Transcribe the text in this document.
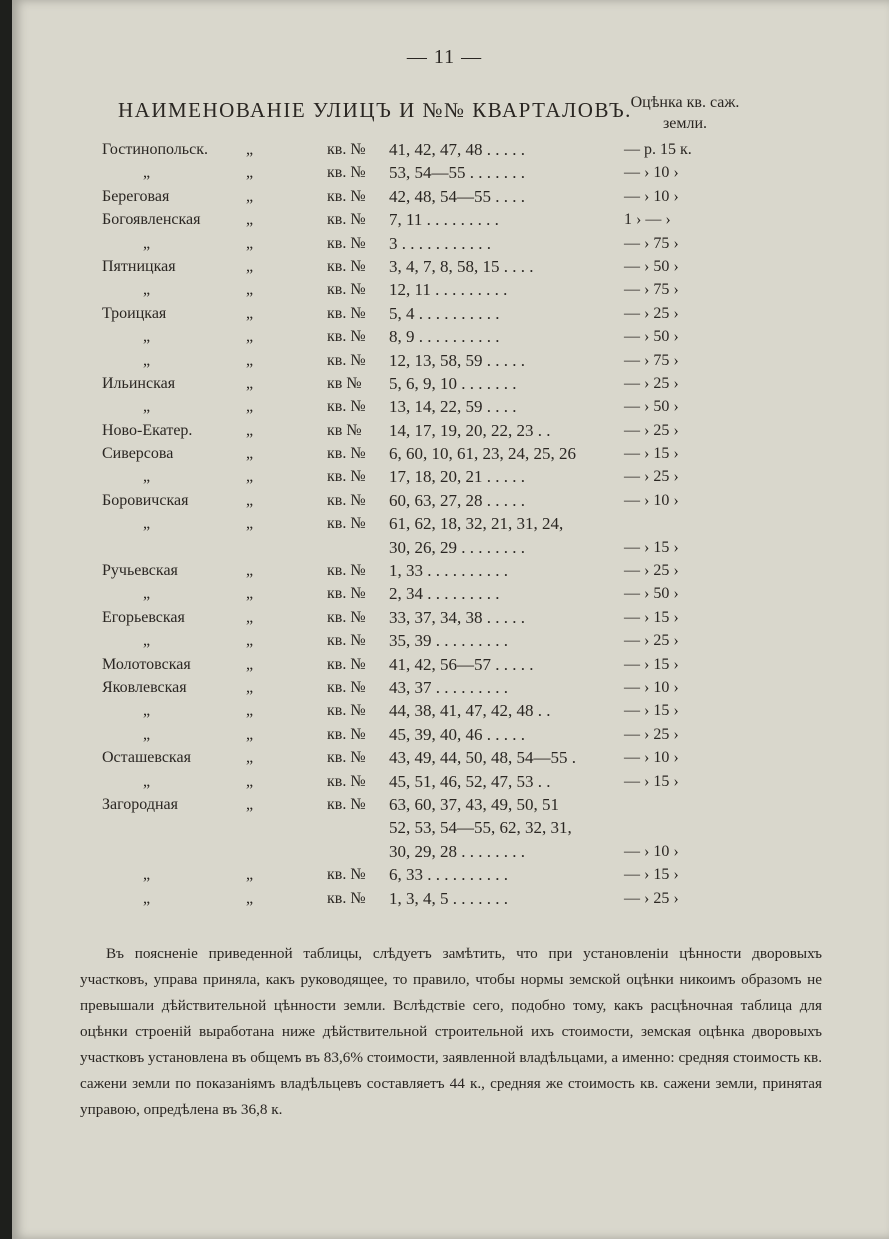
— 11 —
НАИМЕНОВАНІЕ УЛИЦЪ И №№ КВАРТАЛОВЪ.
Оцѣнка кв. саж. земли.
Гостинопольск. „	кв. № 41, 42, 47, 48 . . . . .	— р. 15 к.
„	„	кв. № 53, 54—55 . . . . . . .	— › 10 ›
Береговая	„	кв. № 42, 48, 54—55 . . . .	— › 10 ›
Богоявленская	„	кв. № 7, 11 . . . . . . . . .	1 › — ›
„	„	кв. № 3 . . . . . . . . . . .	— › 75 ›
Пятницкая	„	кв. № 3, 4, 7, 8, 58, 15 . . . .	— › 50 ›
„	„	кв. № 12, 11 . . . . . . . . .	— › 75 ›
Троицкая	„	кв. № 5, 4 . . . . . . . . . .	— › 25 ›
„	„	кв. № 8, 9 . . . . . . . . . .	— › 50 ›
„	„	кв. № 12, 13, 58, 59 . . . . .	— › 75 ›
Ильинская	„	кв № 5, 6, 9, 10 . . . . . . .	— › 25 ›
„	„	кв. № 13, 14, 22, 59 . . . .	— › 50 ›
Ново-Екатер.	„	кв № 14, 17, 19, 20, 22, 23 . .	— › 25 ›
Сиверсова	„	кв. № 6, 60, 10, 61, 23, 24, 25, 26	— › 15 ›
„	„	кв. № 17, 18, 20, 21 . . . . .	— › 25 ›
Боровичская	„	кв. № 60, 63, 27, 28 . . . . .	— › 10 ›
„	„	кв. № 61, 62, 18, 32, 21, 31, 24,
30, 26, 29 . . . . . . . .	— › 15 ›
Ручьевская	„	кв. № 1, 33 . . . . . . . . . .	— › 25 ›
„	„	кв. № 2, 34 . . . . . . . . .	— › 50 ›
Егорьевская	„	кв. № 33, 37, 34, 38 . . . . .	— › 15 ›
„	„	кв. № 35, 39 . . . . . . . . .	— › 25 ›
Молотовская	„	кв. № 41, 42, 56—57 . . . . .	— › 15 ›
Яковлевская	„	кв. № 43, 37 . . . . . . . . .	— › 10 ›
„	„	кв. № 44, 38, 41, 47, 42, 48 . .	— › 15 ›
„	„	кв. № 45, 39, 40, 46 . . . . .	— › 25 ›
Осташевская	„	кв. № 43, 49, 44, 50, 48, 54—55 .	— › 10 ›
„	„	кв. № 45, 51, 46, 52, 47, 53 . .	— › 15 ›
Загородная	„	кв. № 63, 60, 37, 43, 49, 50, 51
52, 53, 54—55, 62, 32, 31,
30, 29, 28 . . . . . . . .	— › 10 ›
„	„	кв. № 6, 33 . . . . . . . . . .	— › 15 ›
„	„	кв. № 1, 3, 4, 5 . . . . . . .	— › 25 ›
Въ поясненіе приведенной таблицы, слѣдуетъ замѣтить, что при установленіи цѣнности дворовыхъ участковъ, управа приняла, какъ руководящее, то правило, чтобы нормы земской оцѣнки никоимъ образомъ не превышали дѣйствительной цѣнности земли. Вслѣдствіе сего, подобно тому, какъ расцѣночная таблица для оцѣнки строеній выработана ниже дѣйствительной строительной ихъ стоимости, земская оцѣнка дворовыхъ участковъ установлена въ общемъ въ 83,6% стоимости, заявленной владѣльцами, а именно: средняя стоимость кв. сажени земли по показаніямъ владѣльцевъ составляетъ 44 к., средняя же стоимость кв. сажени земли, принятая управою, опредѣлена въ 36,8 к.
